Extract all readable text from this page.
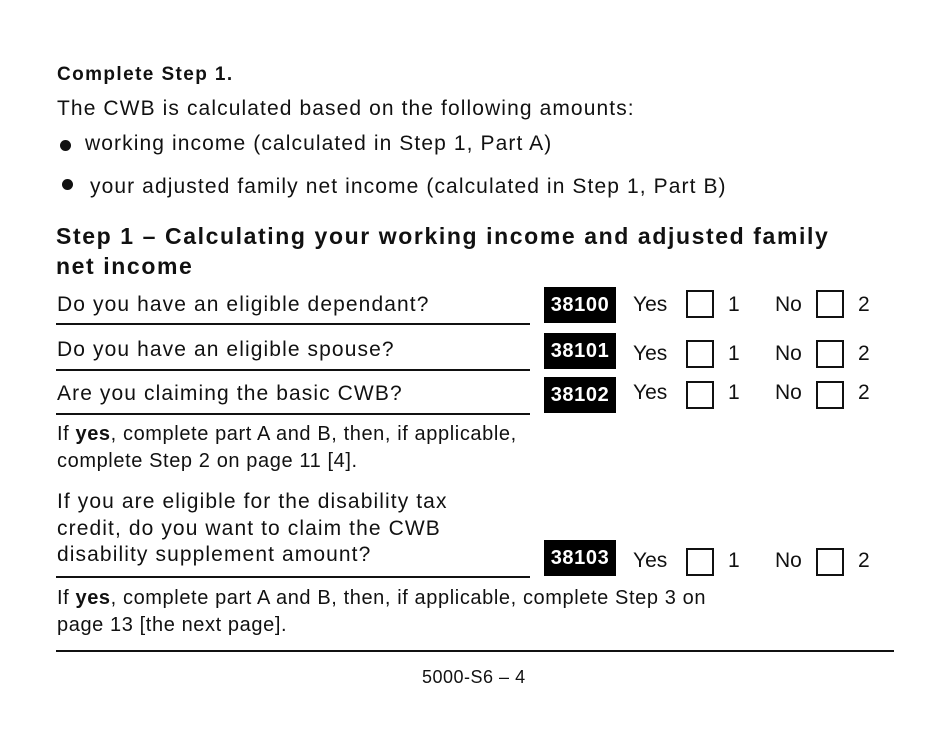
Complete Step 1.
The CWB is calculated based on the following amounts:
working income (calculated in Step 1, Part A)
your adjusted family net income (calculated in Step 1, Part B)
Step 1 – Calculating your working income and adjusted family
net income
Do you have an eligible dependant?	38100	Yes	1 No	2
Do you have an eligible spouse?	38101	Yes	1 No	2
Are you claiming the basic CWB?	38102	Yes	1 No	2
If yes, complete part A and B, then, if applicable,
complete Step 2 on page 11 [4].
If you are eligible for the disability tax
credit, do you want to claim the CWB
disability supplement amount?	38103	Yes	1 No	2
If yes, complete part A and B, then, if applicable, complete Step 3 on
page 13 [the next page].
5000-S6 – 4
